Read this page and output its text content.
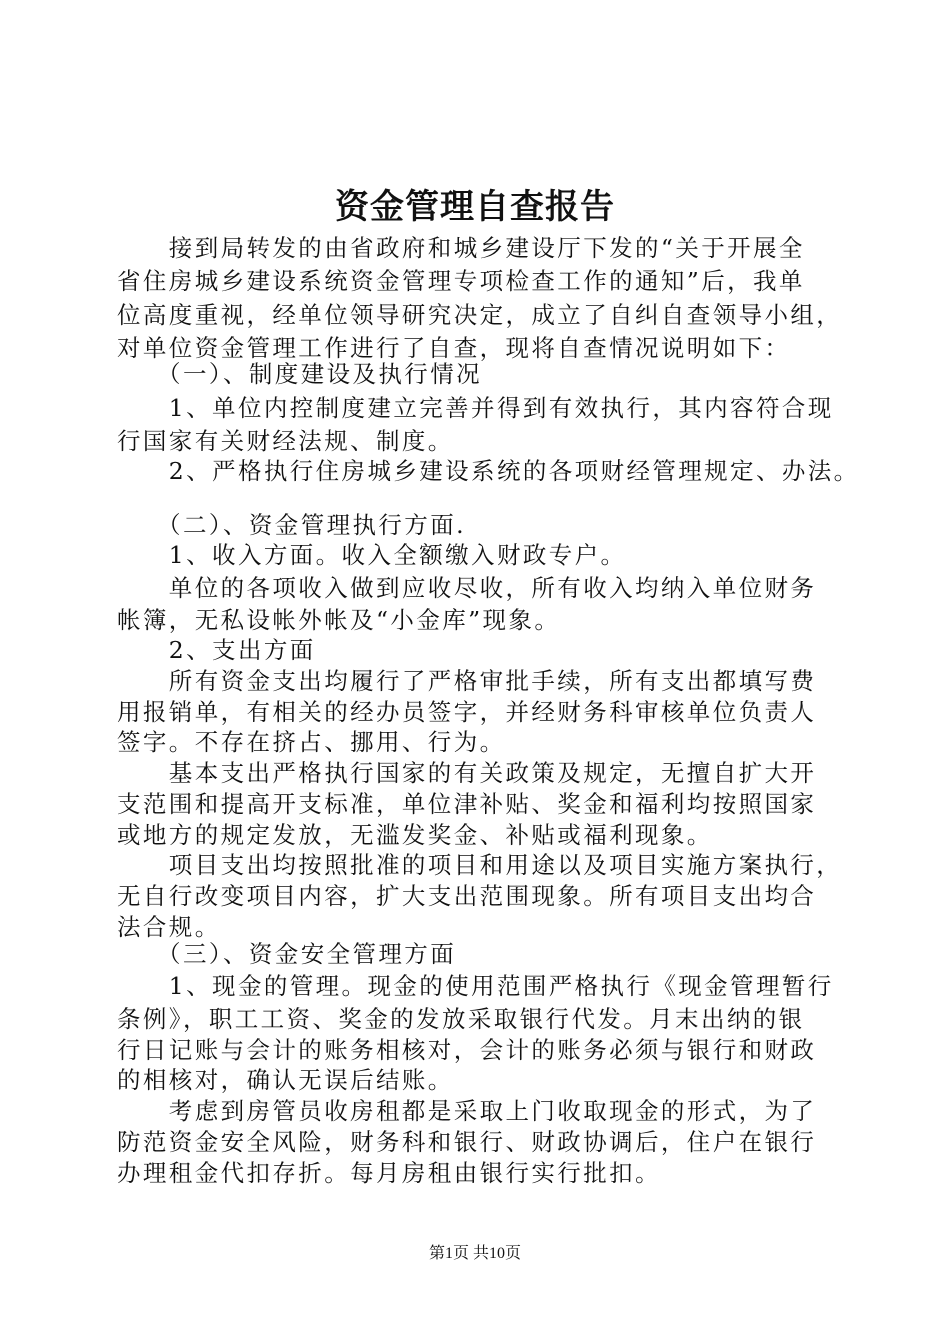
资金管理自查报告
　　接到局转发的由省政府和城乡建设厅下发的“关于开展全
省住房城乡建设系统资金管理专项检查工作的通知”后，我单
位高度重视，经单位领导研究决定，成立了自纠自查领导小组，
对单位资金管理工作进行了自查，现将自查情况说明如下：
　　（一）、制度建设及执行情况
　　1、单位内控制度建立完善并得到有效执行，其内容符合现
行国家有关财经法规、制度。
　　2、严格执行住房城乡建设系统的各项财经管理规定、办法。
　　（二）、资金管理执行方面.
　　1、收入方面。收入全额缴入财政专户。
　　单位的各项收入做到应收尽收，所有收入均纳入单位财务
帐簿，无私设帐外帐及“小金库”现象。
　　2、支出方面
　　所有资金支出均履行了严格审批手续，所有支出都填写费
用报销单，有相关的经办员签字，并经财务科审核单位负责人
签字。不存在挤占、挪用、行为。
　　基本支出严格执行国家的有关政策及规定，无擅自扩大开
支范围和提高开支标准，单位津补贴、奖金和福利均按照国家
或地方的规定发放，无滥发奖金、补贴或福利现象。
　　项目支出均按照批准的项目和用途以及项目实施方案执行，
无自行改变项目内容，扩大支出范围现象。所有项目支出均合
法合规。
　　（三）、资金安全管理方面
　　1、现金的管理。现金的使用范围严格执行《现金管理暂行
条例》，职工工资、奖金的发放采取银行代发。月末出纳的银
行日记账与会计的账务相核对，会计的账务必须与银行和财政
的相核对，确认无误后结账。
　　考虑到房管员收房租都是采取上门收取现金的形式，为了
防范资金安全风险，财务科和银行、财政协调后，住户在银行
办理租金代扣存折。每月房租由银行实行批扣。
第1页 共10页
